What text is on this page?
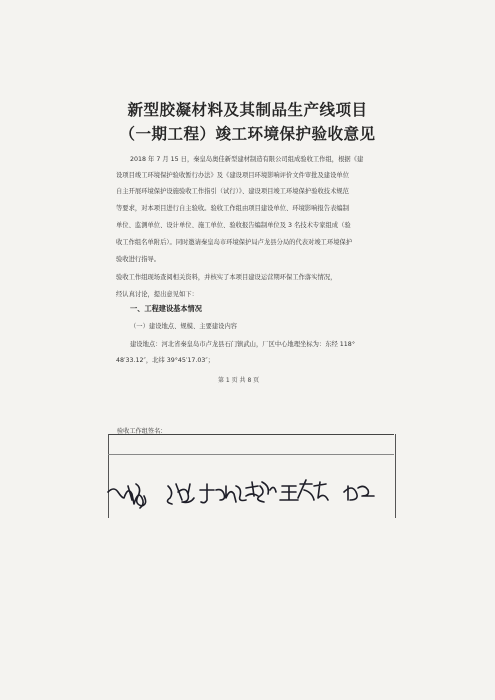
新型胶凝材料及其制品生产线项目
（一期工程）竣工环境保护验收意见
2018 年 7 月 15 日，秦皇岛奥佳新型建材制造有限公司组成验收工作组，根据《建
设项目竣工环境保护验收暂行办法》及《建设项目环境影响评价文件审批及建设单位
自主开展环境保护设施验收工作指引（试行）》、建设项目竣工环境保护验收技术规范
等要求，对本项目进行自主验收。验收工作组由项目建设单位、环境影响报告表编制
单位、监测单位、设计单位、施工单位、验收报告编制单位及 3 名技术专家组成（验
收工作组名单附后）。同时邀请秦皇岛市环境保护局卢龙县分局的代表对竣工环境保护
验收进行指导。
验收工作组现场查阅相关资料，并核实了本项目建设运营期环保工作落实情况，
经认真讨论，提出意见如下：
一、工程建设基本情况
（一）建设地点、规模、主要建设内容
建设地点：河北省秦皇岛市卢龙县石门镇武山，厂区中心地理坐标为：东经 118°
48′33.12″，北纬 39°45′17.03″；
第 1 页 共 8 页
验收工作组签名：
